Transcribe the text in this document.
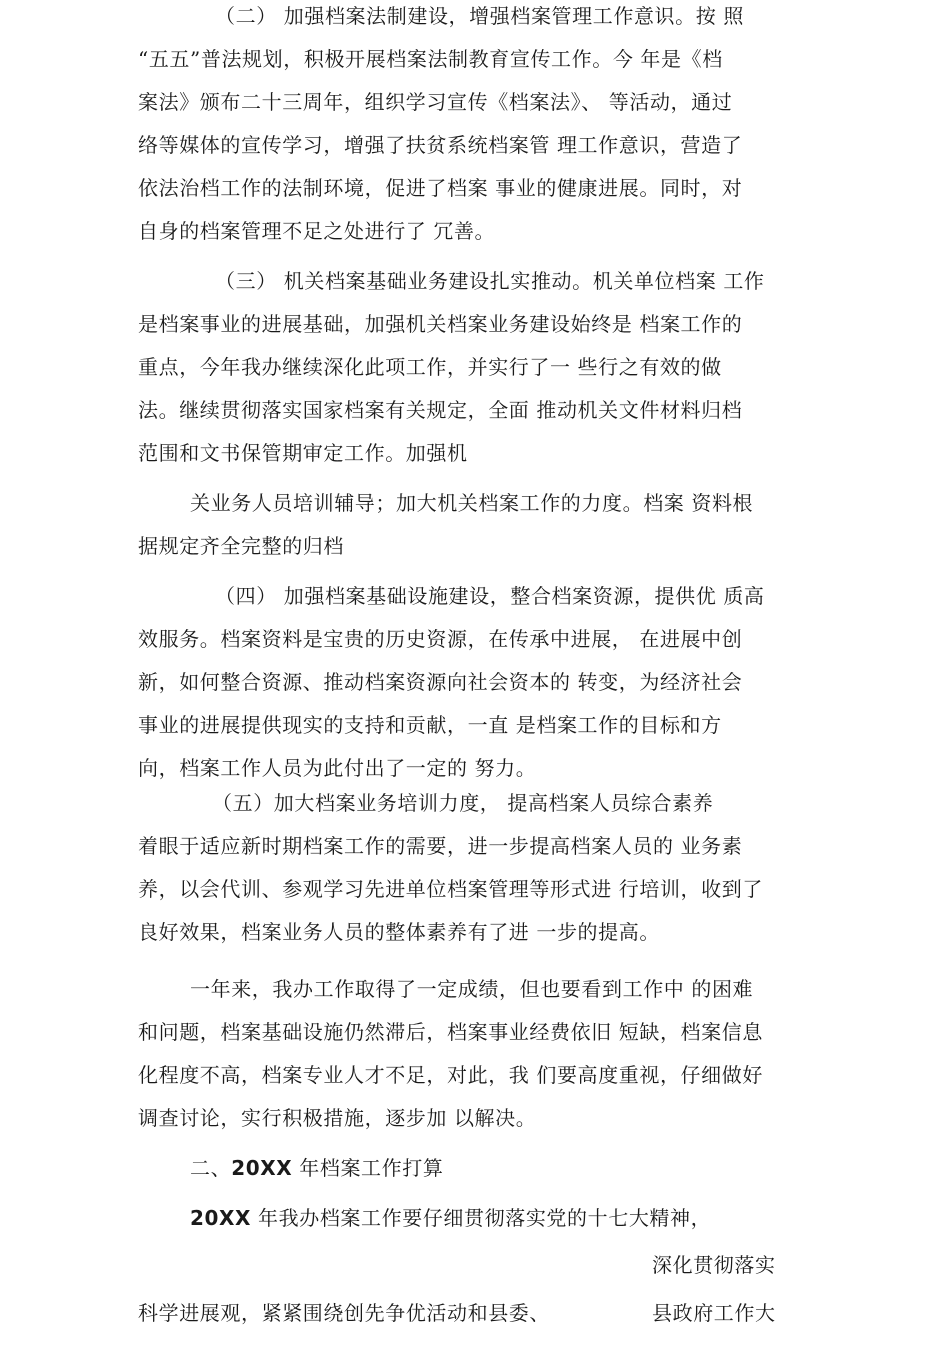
（二） 加强档案法制建设，增强档案管理工作意识。按 照
“五五”普法规划，积极开展档案法制教育宣传工作。今 年是《档
案法》颁布二十三周年，组织学习宣传《档案法》、 等活动，通过
络等媒体的宣传学习，增强了扶贫系统档案管 理工作意识，营造了
依法治档工作的法制环境，促进了档案 事业的健康进展。同时，对
自身的档案管理不足之处进行了 冗善。
（三） 机关档案基础业务建设扎实推动。机关单位档案 工作
是档案事业的进展基础，加强机关档案业务建设始终是 档案工作的
重点，今年我办继续深化此项工作，并实行了一 些行之有效的做
法。继续贯彻落实国家档案有关规定，全面 推动机关文件材料归档
范围和文书保管期审定工作。加强机
关业务人员培训辅导；加大机关档案工作的力度。档案 资料根
据规定齐全完整的归档
（四） 加强档案基础设施建设，整合档案资源，提供优 质高
效服务。档案资料是宝贵的历史资源，在传承中进展， 在进展中创
新，如何整合资源、推动档案资源向社会资本的 转变，为经济社会
事业的进展提供现实的支持和贡献，一直 是档案工作的目标和方
向，档案工作人员为此付出了一定的 努力。
（五）加大档案业务培训力度， 提高档案人员综合素养
着眼于适应新时期档案工作的需要，进一步提高档案人员的 业务素
养，以会代训、参观学习先进单位档案管理等形式进 行培训，收到了
良好效果，档案业务人员的整体素养有了进 一步的提高。
一年来，我办工作取得了一定成绩，但也要看到工作中 的困难
和问题，档案基础设施仍然滞后，档案事业经费依旧 短缺，档案信息
化程度不高，档案专业人才不足，对此，我 们要高度重视，仔细做好
调查讨论，实行积极措施，逐步加 以解决。
二、20XX 年档案工作打算
20XX 年我办档案工作要仔细贯彻落实党的十七大精神，
深化贯彻落实
科学进展观，紧紧围绕创先争优活动和县委、	县政府工作大
